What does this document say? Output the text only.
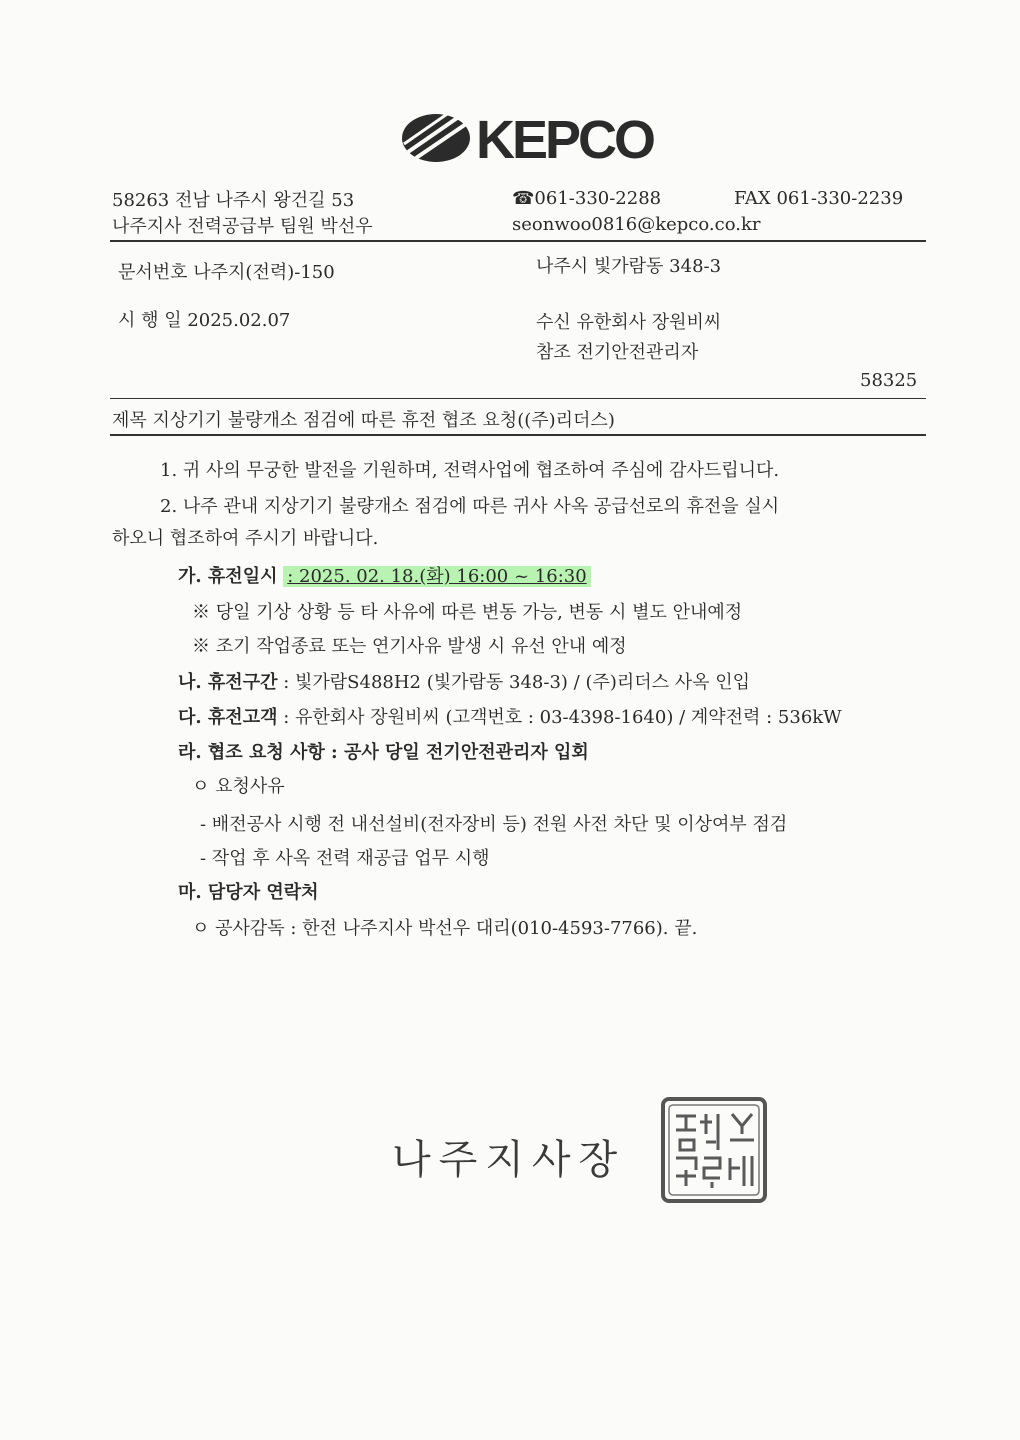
KEPCO
58263 전남 나주시 왕건길 53
나주지사 전력공급부 팀원 박선우
☎061-330-2288	FAX 061-330-2239
seonwoo0816@kepco.co.kr
문서번호 나주지(전력)-150	나주시 빛가람동 348-3
시 행 일 2025.02.07	수신 유한회사 장원비씨
참조 전기안전관리자
58325
제목 지상기기 불량개소 점검에 따른 휴전 협조 요청((주)리더스)
1. 귀 사의 무궁한 발전을 기원하며, 전력사업에 협조하여 주심에 감사드립니다.
2. 나주 관내 지상기기 불량개소 점검에 따른 귀사 사옥 공급선로의 휴전을 실시
하오니 협조하여 주시기 바랍니다.
가. 휴전일시 : 2025. 02. 18.(화) 16:00 ~ 16:30
※ 당일 기상 상황 등 타 사유에 따른 변동 가능, 변동 시 별도 안내예정
※ 조기 작업종료 또는 연기사유 발생 시 유선 안내 예정
나. 휴전구간 : 빛가람S488H2 (빛가람동 348-3) / (주)리더스 사옥 인입
다. 휴전고객 : 유한회사 장원비씨 (고객번호 : 03-4398-1640) / 계약전력 : 536kW
라. 협조 요청 사항 : 공사 당일 전기안전관리자 입회
ㅇ 요청사유
- 배전공사 시행 전 내선설비(전자장비 등) 전원 사전 차단 및 이상여부 점검
- 작업 후 사옥 전력 재공급 업무 시행
마. 담당자 연락처
ㅇ 공사감독 : 한전 나주지사 박선우 대리(010-4593-7766). 끝.
나주지사장
